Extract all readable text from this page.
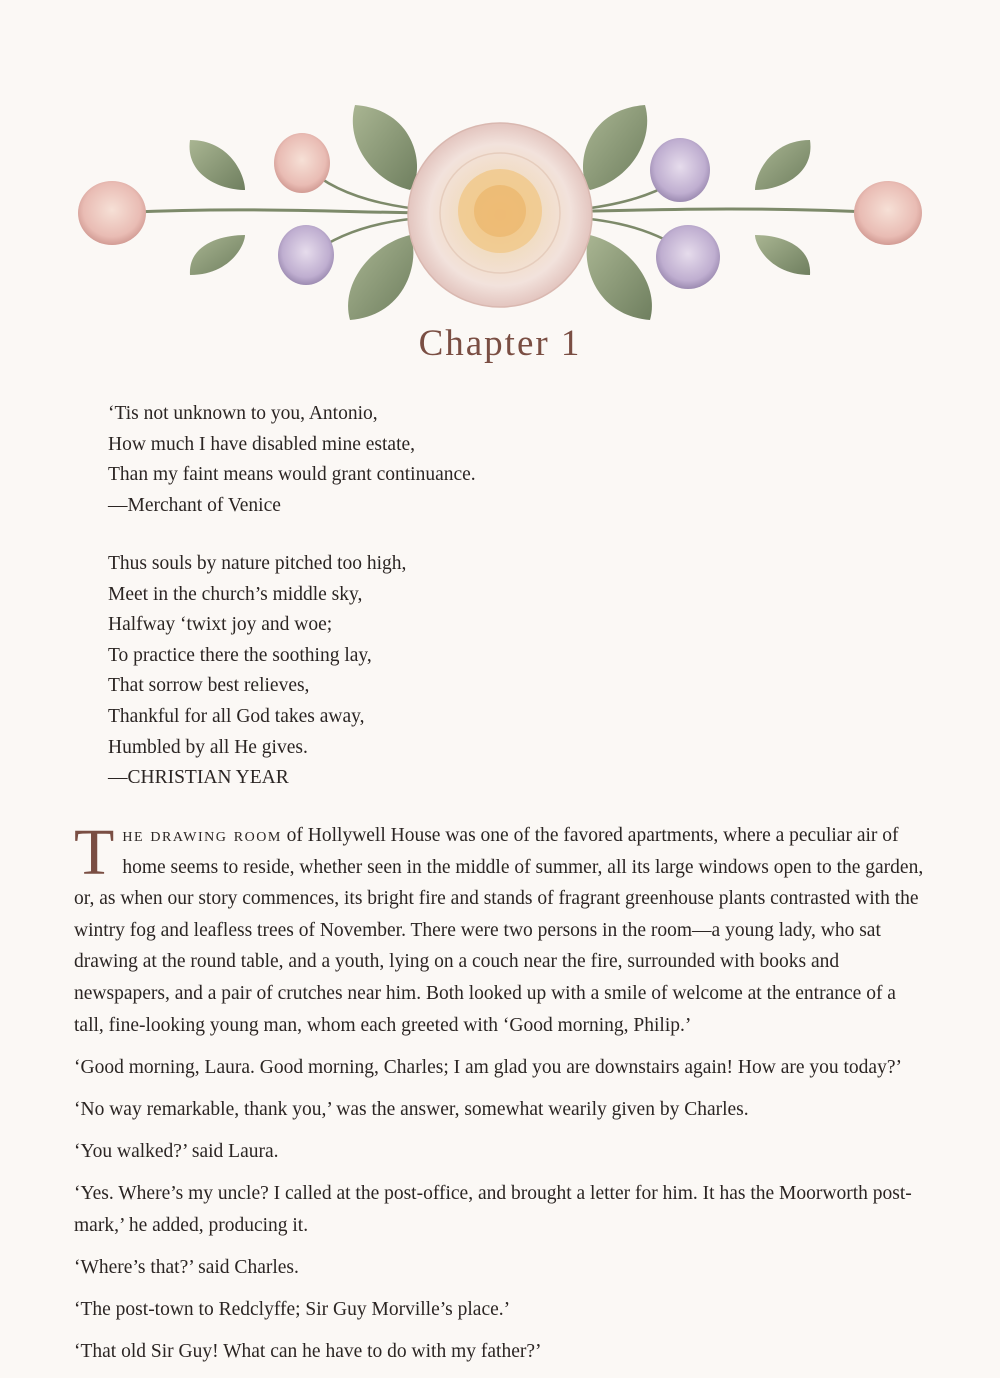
Chapter 1
‘Tis not unknown to you, Antonio,
How much I have disabled mine estate,
Than my faint means would grant continuance.
—Merchant of Venice
Thus souls by nature pitched too high,
Meet in the church’s middle sky,
Halfway ‘twixt joy and woe;
To practice there the soothing lay,
That sorrow best relieves,
Thankful for all God takes away,
Humbled by all He gives.
—CHRISTIAN YEAR

The drawing room of Hollywell House was one of the favored apartments, where a peculiar air of home seems to reside, whether seen in the middle of summer, all its large windows open to the garden, or, as when our story commences, its bright fire and stands of fragrant greenhouse plants contrasted with the wintry fog and leafless trees of November. There were two persons in the room—a young lady, who sat drawing at the round table, and a youth, lying on a couch near the fire, surrounded with books and newspapers, and a pair of crutches near him. Both looked up with a smile of welcome at the entrance of a tall, fine-looking young man, whom each greeted with ‘Good morning, Philip.’

‘Good morning, Laura. Good morning, Charles; I am glad you are downstairs again! How are you today?’

‘No way remarkable, thank you,’ was the answer, somewhat wearily given by Charles.

‘You walked?’ said Laura.

‘Yes. Where’s my uncle? I called at the post-office, and brought a letter for him. It has the Moorworth post-mark,’ he added, producing it.

‘Where’s that?’ said Charles.

‘The post-town to Redclyffe; Sir Guy Morville’s place.’

‘That old Sir Guy! What can he have to do with my father?’
